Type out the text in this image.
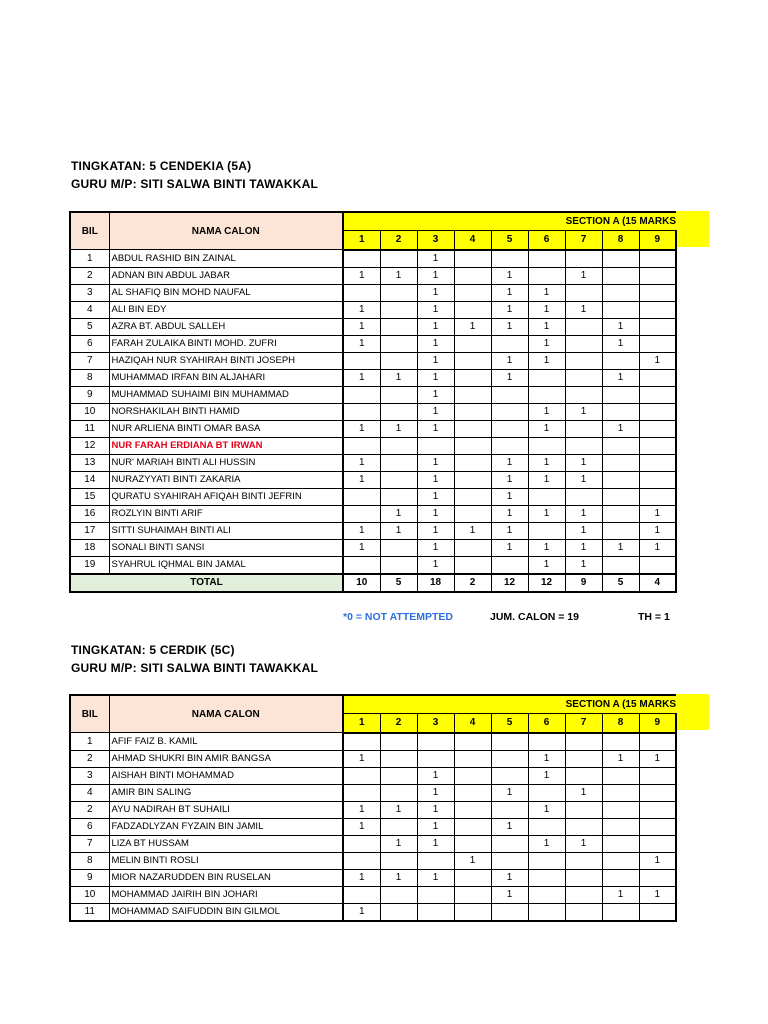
TINGKATAN: 5 CENDEKIA (5A)
GURU M/P: SITI SALWA BINTI TAWAKKAL
BIL	NAMA CALON	SECTION A (15 MARKS								
		1	2	3	4	5	6	7	8	9
1	ABDUL RASHID BIN ZAINAL			1						
2	ADNAN BIN ABDUL JABAR	1	1	1		1		1		
3	AL SHAFIQ BIN MOHD NAUFAL			1		1	1			
4	ALI BIN EDY	1		1		1	1	1		
5	AZRA BT. ABDUL SALLEH	1		1	1	1	1		1	
6	FARAH ZULAIKA BINTI MOHD. ZUFRI	1		1			1		1	
7	HAZIQAH NUR SYAHIRAH BINTI JOSEPH			1		1	1			1
8	MUHAMMAD IRFAN BIN ALJAHARI	1	1	1		1			1	
9	MUHAMMAD SUHAIMI BIN MUHAMMAD			1						
10	NORSHAKILAH BINTI HAMID			1			1	1		
11	NUR ARLIENA BINTI OMAR BASA	1	1	1			1		1	
12	NUR FARAH ERDIANA BT IRWAN									
13	NUR' MARIAH BINTI ALI HUSSIN	1		1		1	1	1		
14	NURAZYYATI BINTI ZAKARIA	1		1		1	1	1		
15	QURATU SYAHIRAH AFIQAH BINTI JEFRIN			1		1				
16	ROZLYIN BINTI ARIF		1	1		1	1	1		1
17	SITTI SUHAIMAH BINTI ALI	1	1	1	1	1		1		1
18	SONALI BINTI SANSI	1		1		1	1	1	1	1
19	SYAHRUL IQHMAL BIN JAMAL			1			1	1		
TOTAL		10	5	18	2	12	12	9	5	4
*0 = NOT ATTEMPTED	JUM. CALON = 19	TH = 1
TINGKATAN: 5 CERDIK (5C)
GURU M/P: SITI SALWA BINTI TAWAKKAL
BIL	NAMA CALON	SECTION A (15 MARKS								
		1	2	3	4	5	6	7	8	9
1	AFIF FAIZ B. KAMIL									
2	AHMAD SHUKRI BIN AMIR BANGSA	1					1		1	1
3	AISHAH BINTI MOHAMMAD			1			1			
4	AMIR BIN SALING			1		1		1		
2	AYU NADIRAH BT SUHAILI	1	1	1			1			
6	FADZADLYZAN FYZAIN BIN JAMIL	1		1		1				
7	LIZA BT HUSSAM		1	1			1	1		
8	MELIN BINTI ROSLI				1					1
9	MIOR NAZARUDDEN BIN RUSELAN	1	1	1		1				
10	MOHAMMAD JAIRIH BIN JOHARI					1			1	1
11	MOHAMMAD SAIFUDDIN BIN GILMOL	1								
